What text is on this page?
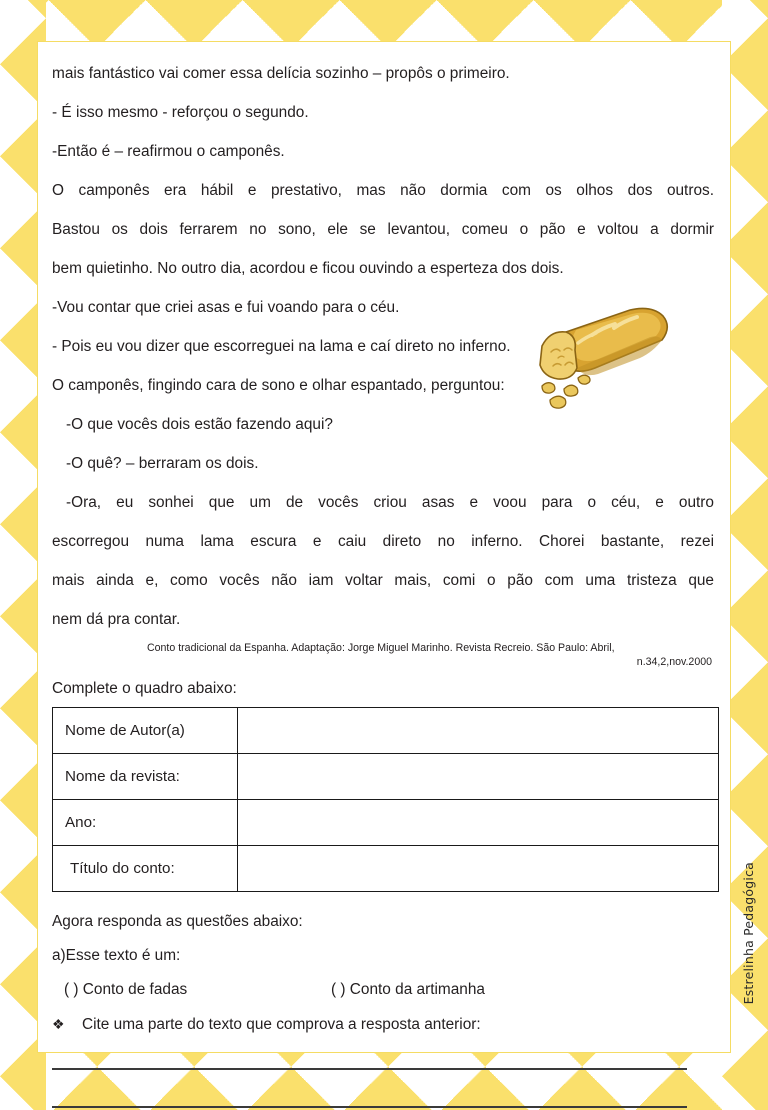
mais fantástico vai comer essa delícia sozinho – propôs o primeiro.

- É isso mesmo - reforçou o segundo.

-Então é – reafirmou o camponês.

O camponês era hábil e prestativo, mas não dormia com os olhos dos outros.

Bastou os dois ferrarem no sono, ele se levantou, comeu o pão e voltou a dormir

bem quietinho. No outro dia, acordou e ficou ouvindo a esperteza dos dois.

-Vou contar que criei asas e fui voando para o céu.

- Pois eu vou dizer que escorreguei na lama e caí direto no inferno.

O camponês, fingindo cara de sono e olhar espantado, perguntou:

-O que vocês dois estão fazendo aqui?

-O quê? – berraram os dois.

-Ora, eu sonhei que um de vocês criou asas e voou para o céu, e outro

escorregou numa lama escura e caiu direto no inferno. Chorei bastante, rezei

mais ainda e, como vocês não iam voltar mais, comi o pão com uma tristeza que

nem dá pra contar.

Conto tradicional da Espanha. Adaptação: Jorge Miguel Marinho. Revista Recreio. São Paulo: Abril,
n.34,2,nov.2000
Complete o quadro abaixo:
Nome de Autor(a)	
Nome da revista:	
Ano:	
Título do conto:	
Agora responda as questões abaixo:
a)Esse texto é um:
( ) Conto de fadas	( ) Conto da artimanha
❖	Cite uma parte do texto que comprova a resposta anterior:
Estrelinha Pedagógica
